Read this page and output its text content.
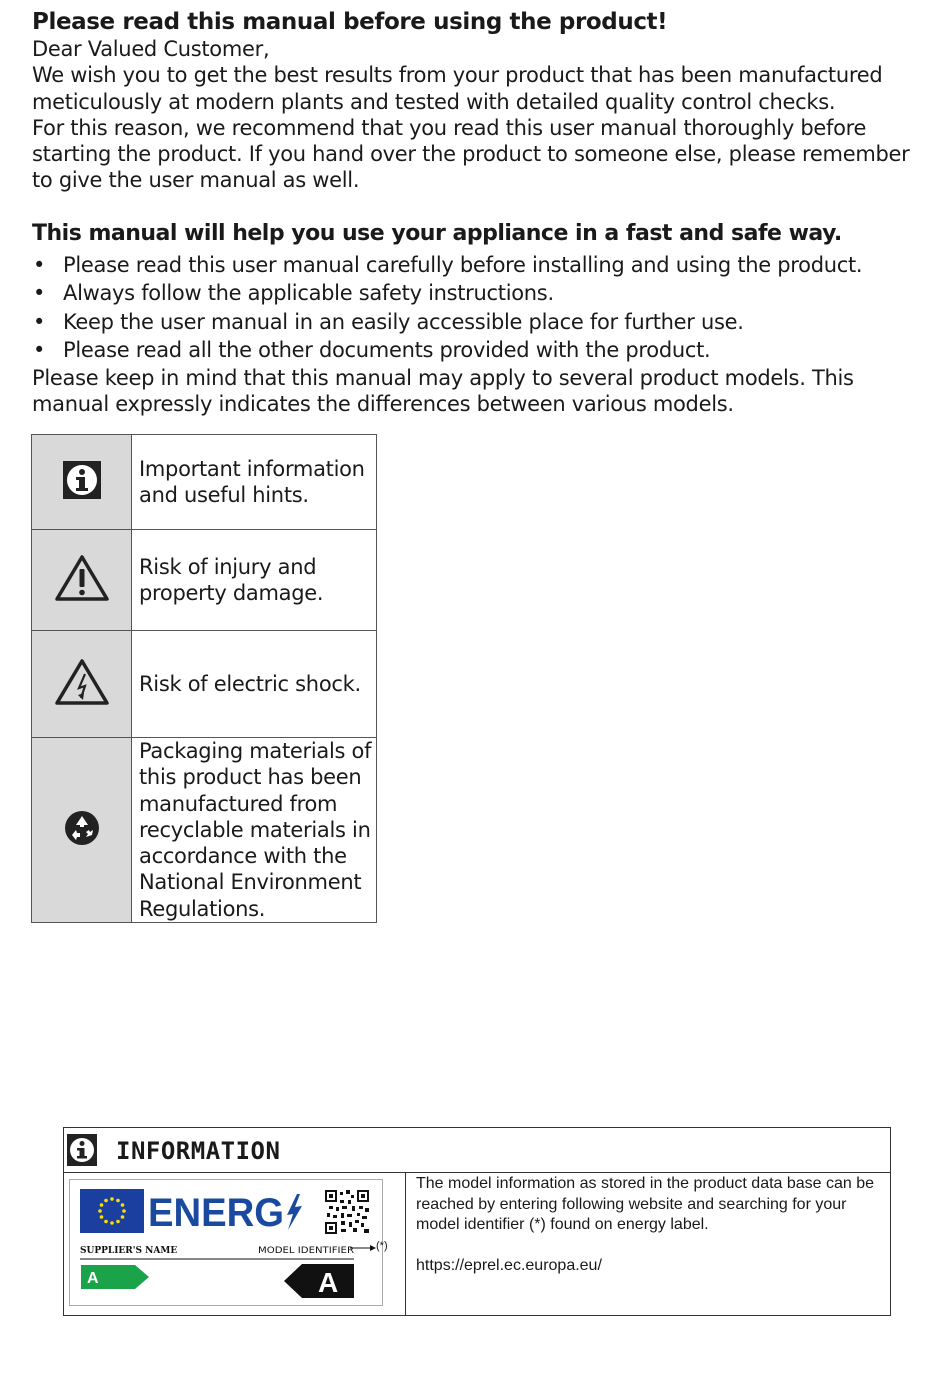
Please read this manual before using the product!

Dear Valued Customer,

We wish you to get the best results from your product that has been manufactured meticulously at modern plants and tested with detailed quality control checks.

For this reason, we recommend that you read this user manual thoroughly before starting the product. If you hand over the product to someone else, please remember to give the user manual as well.

This manual will help you use your appliance in a fast and safe way.

• Please read this user manual carefully before installing and using the product.
• Always follow the applicable safety instructions.
• Keep the user manual in an easily accessible place for further use.
• Please read all the other documents provided with the product.

Please keep in mind that this manual may apply to several product models. This manual expressly indicates the differences between various models.

	Important information and useful hints.
	Risk of injury and property damage.
	Risk of electric shock.
	Packaging materials of this product has been manufactured from recyclable materials in accordance with the National Environment Regulations.
INFORMATION
ENERG
SUPPLIER'S NAME	MODEL IDENTIFIER
A	A
(*)
The model information as stored in the product data base can be reached by entering following website and searching for your model identifier (*) found on energy label.
https://eprel.ec.europa.eu/
